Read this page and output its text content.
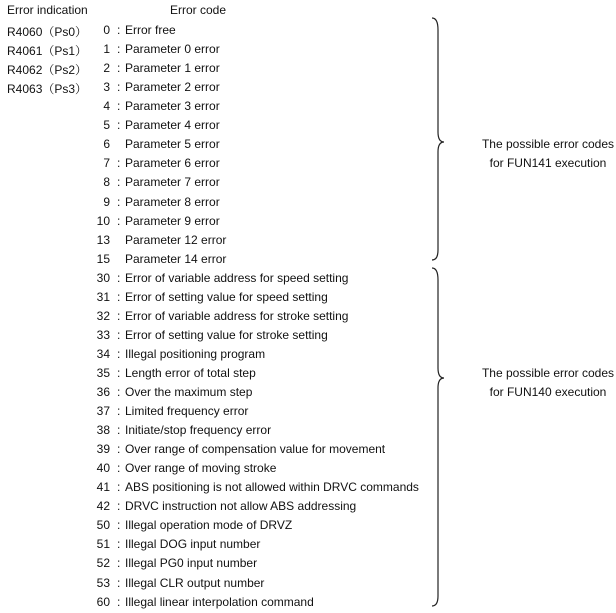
Error indication	Error code
R4060（Ps0）
R4061（Ps1）
R4062（Ps2）
R4063（Ps3）
0 : Error free
1 : Parameter 0 error
2 : Parameter 1 error
3 : Parameter 2 error
4 : Parameter 3 error
5 : Parameter 4 error
6 Parameter 5 error
7 : Parameter 6 error
8 : Parameter 7 error
9 : Parameter 8 error
10 : Parameter 9 error
13 Parameter 12 error
15 Parameter 14 error
30 : Error of variable address for speed setting
31 : Error of setting value for speed setting
32 : Error of variable address for stroke setting
33 : Error of setting value for stroke setting
34 : Illegal positioning program
35 : Length error of total step
36 : Over the maximum step
37 : Limited frequency error
38 : Initiate/stop frequency error
39 : Over range of compensation value for movement
40 : Over range of moving stroke
41 : ABS positioning is not allowed within DRVC commands
42 : DRVC instruction not allow ABS addressing
50 : Illegal operation mode of DRVZ
51 : Illegal DOG input number
52 : Illegal PG0 input number
53 : Illegal CLR output number
60 : Illegal linear interpolation command
The possible error codes
for FUN141 execution
The possible error codes
for FUN140 execution
